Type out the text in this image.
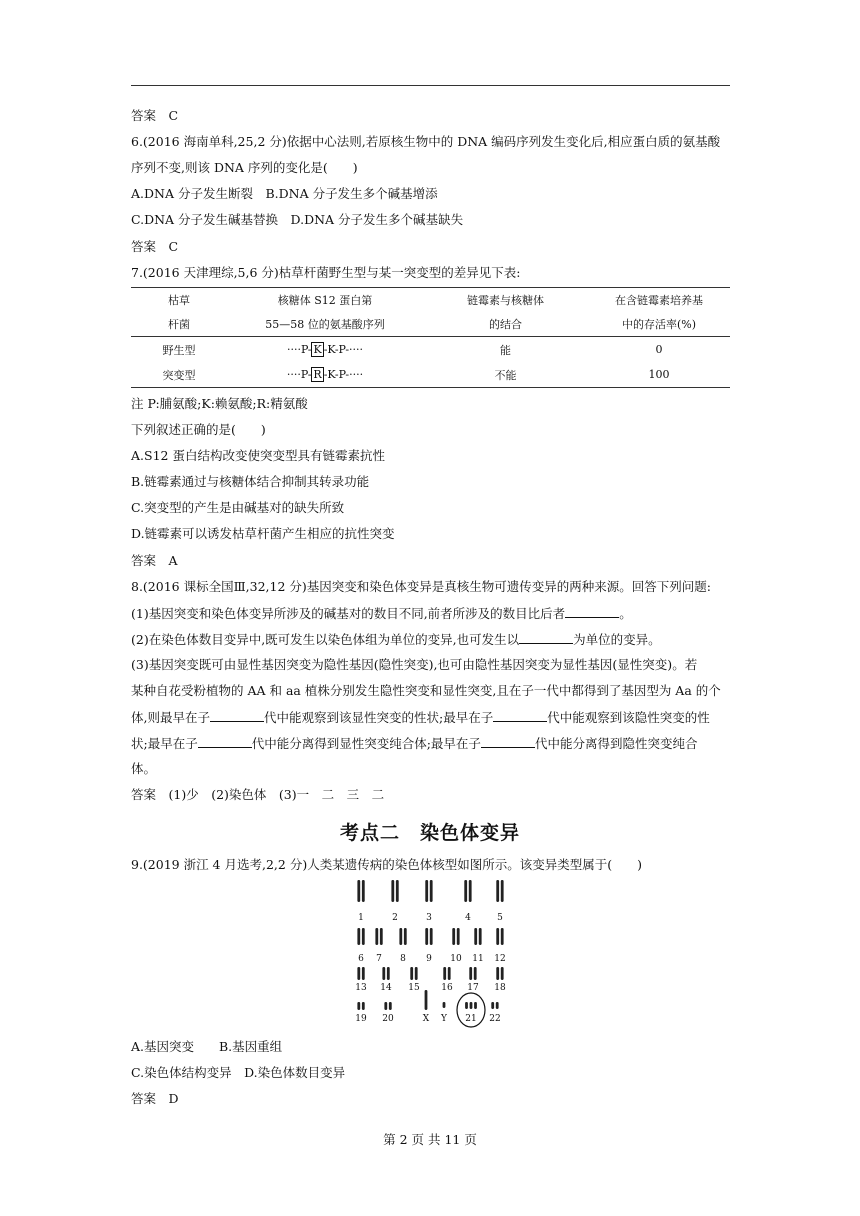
答案　C
6.(2016 海南单科,25,2 分)依据中心法则,若原核生物中的 DNA 编码序列发生变化后,相应蛋白质的氨基酸
序列不变,则该 DNA 序列的变化是(　　)
A.DNA 分子发生断裂　B.DNA 分子发生多个碱基增添
C.DNA 分子发生碱基替换　D.DNA 分子发生多个碱基缺失
答案　C
7.(2016 天津理综,5,6 分)枯草杆菌野生型与某一突变型的差异见下表:
枯草	核糖体 S12 蛋白第	链霉素与核糖体	在含链霉素培养基
杆菌	55—58 位的氨基酸序列	的结合	中的存活率(%)
野生型	····P- K -K-P-····	能	0
突变型	····P- R -K-P-····	不能	100
注 P:脯氨酸;K:赖氨酸;R:精氨酸
下列叙述正确的是(　　)
A.S12 蛋白结构改变使突变型具有链霉素抗性
B.链霉素通过与核糖体结合抑制其转录功能
C.突变型的产生是由碱基对的缺失所致
D.链霉素可以诱发枯草杆菌产生相应的抗性突变
答案　A
8.(2016 课标全国Ⅲ,32,12 分)基因突变和染色体变异是真核生物可遗传变异的两种来源。回答下列问题:
(1)基因突变和染色体变异所涉及的碱基对的数目不同,前者所涉及的数目比后者	。
(2)在染色体数目变异中,既可发生以染色体组为单位的变异,也可发生以	为单位的变异。
(3)基因突变既可由显性基因突变为隐性基因(隐性突变),也可由隐性基因突变为显性基因(显性突变)。若
某种自花受粉植物的 AA 和 aa 植株分别发生隐性突变和显性突变,且在子一代中都得到了基因型为 Aa 的个
体,则最早在子	代中能观察到该显性突变的性状;最早在子	代中能观察到该隐性突变的性
状;最早在子	代中能分离得到显性突变纯合体;最早在子	代中能分离得到隐性突变纯合
体。
答案　(1)少　(2)染色体　(3)一　二　三　二
考点二　染色体变异
9.(2019 浙江 4 月选考,2,2 分)人类某遗传病的染色体核型如图所示。该变异类型属于(　　)
1	2	3	4	5
6 7 8 9 10 11 12
13 14 15 16 17 18
19 20	X Y 21 22
A.基因突变　　B.基因重组
C.染色体结构变异　D.染色体数目变异
答案　D
第 2 页 共 11 页
